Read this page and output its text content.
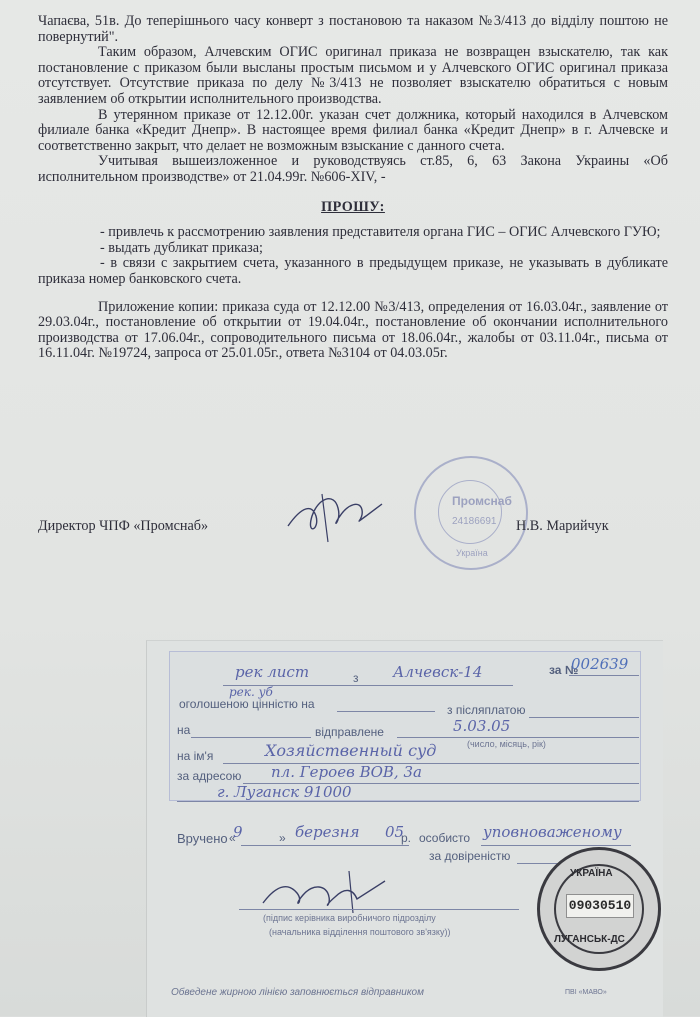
Чапаєва, 51в. До теперішнього часу конверт з постановою та наказом №3/413 до відділу поштою не повернутий".

Таким образом, Алчевским ОГИС оригинал приказа не возвращен взыскателю, так как постановление с приказом были высланы простым письмом и у Алчевского ОГИС оригинал приказа отсутствует. Отсутствие приказа по делу №3/413 не позволяет взыскателю обратиться с новым заявлением об открытии исполнительного производства.

В утерянном приказе от 12.12.00г. указан счет должника, который находился в Алчевском филиале банка «Кредит Днепр». В настоящее время филиал банка «Кредит Днепр» в г. Алчевске и соответственно закрыт, что делает не возможным взыскание с данного счета.

Учитывая вышеизложенное и руководствуясь ст.85, 6, 63 Закона Украины «Об исполнительном производстве» от 21.04.99г. №606-XIV, -

ПРОШУ:

- привлечь к рассмотрению заявления представителя органа ГИС – ОГИС Алчевского ГУЮ;

- выдать дубликат приказа;

- в связи с закрытием счета, указанного в предыдущем приказе, не указывать в дубликате приказа номер банковского счета.

Приложение копии: приказа суда от 12.12.00 №3/413, определения от 16.03.04г., заявление от 29.03.04г., постановление об открытии от 19.04.04г., постановление об окончании исполнительного производства от 17.06.04г., сопроводительного письма от 18.06.04г., жалобы от 03.11.04г., письма от 16.11.04г. №19724, запроса от 25.01.05г., ответа №3104 от 04.03.05г.

Промснаб
24186691
Україна
Директор ЧПФ «Промснаб»	Н.В. Марийчук
рек лист	з Алчевск-14	за №
002639
рек. уб
оголошеною цінністю на	з післяплатою
на	відправлене	5.03.05
(число, місяць, рік)
на ім'я	Хозяйственный суд
за адресою пл. Героев ВОВ, 3а
г. Луганск 91000
Вручено «
9	» березня 05
р. особисто уповноваженому
за довіреністю
(підпис керівника виробничого підрозділу
(начальника відділення поштового зв'язку))
Обведене жирною лінією заповнюється відправником	ПВІ «МАВО»
УКРАЇНА
09030510
ЛУГАНСЬК-ДС
